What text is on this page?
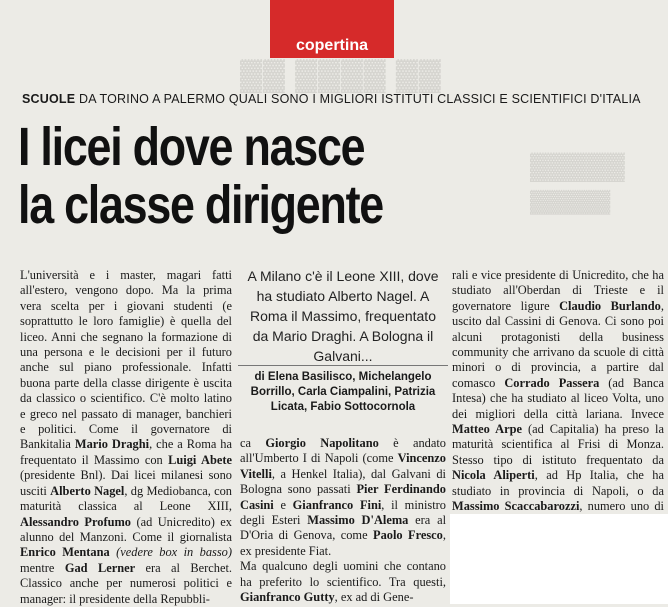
▓▓ ▓▓▓▓ ▓▓
▓▓▓▓▓
▓▓▓▓▓
copertina
SCUOLE DA TORINO A PALERMO QUALI SONO I MIGLIORI ISTITUTI CLASSICI E SCIENTIFICI D'ITALIA
I licei dove nasce
la classe dirigente
L'università e i master, magari fatti all'estero, vengono dopo. Ma la prima vera scelta per i giovani studenti (e soprattutto le loro famiglie) è quella del liceo. Anni che segnano la formazione di una persona e le decisioni per il futuro anche sul piano professionale. Infatti buona parte della classe dirigente è uscita da classico o scientifico. C'è molto latino e greco nel passato di manager, banchieri e politici. Come il governatore di Bankitalia Mario Draghi, che a Roma ha frequentato il Massimo con Luigi Abete (presidente Bnl). Dai licei milanesi sono usciti Alberto Nagel, dg Mediobanca, con maturità classica al Leone XIII, Alessandro Profumo (ad Unicredito) ex alunno del Manzoni. Come il giornalista Enrico Mentana (vedere box in basso) mentre Gad Lerner era al Berchet. Classico anche per numerosi politici e manager: il presidente della Repubbli-
A Milano c'è il Leone XIII, dove ha studiato Alberto Nagel. A Roma il Massimo, frequentato da Mario Draghi. A Bologna il Galvani...
di Elena Basilisco, Michelangelo Borrillo, Carla Ciampalini, Patrizia Licata, Fabio Sottocornola
ca Giorgio Napolitano è andato all'Umberto I di Napoli (come Vincenzo Vitelli, a Henkel Italia), dal Galvani di Bologna sono passati Pier Ferdinando Casini e Gianfranco Fini, il ministro degli Esteri Massimo D'Alema era al D'Oria di Genova, come Paolo Fresco, ex presidente Fiat.
Ma qualcuno degli uomini che contano ha preferito lo scientifico. Tra questi, Gianfranco Gutty, ex ad di Gene-
rali e vice presidente di Unicredito, che ha studiato all'Oberdan di Trieste e il governatore ligure Claudio Burlando, uscito dal Cassini di Genova. Ci sono poi alcuni protagonisti della business community che arrivano da scuole di città minori o di provincia, a partire dal comasco Corrado Passera (ad Banca Intesa) che ha studiato al liceo Volta, uno dei migliori della città lariana. Invece Matteo Arpe (ad Capitalia) ha preso la maturità scientifica al Frisi di Monza. Stesso tipo di istituto frequentato da Nicola Aliperti, ad Hp Italia, che ha studiato in provincia di Napoli, o da Massimo Scaccabarozzi, numero uno di
